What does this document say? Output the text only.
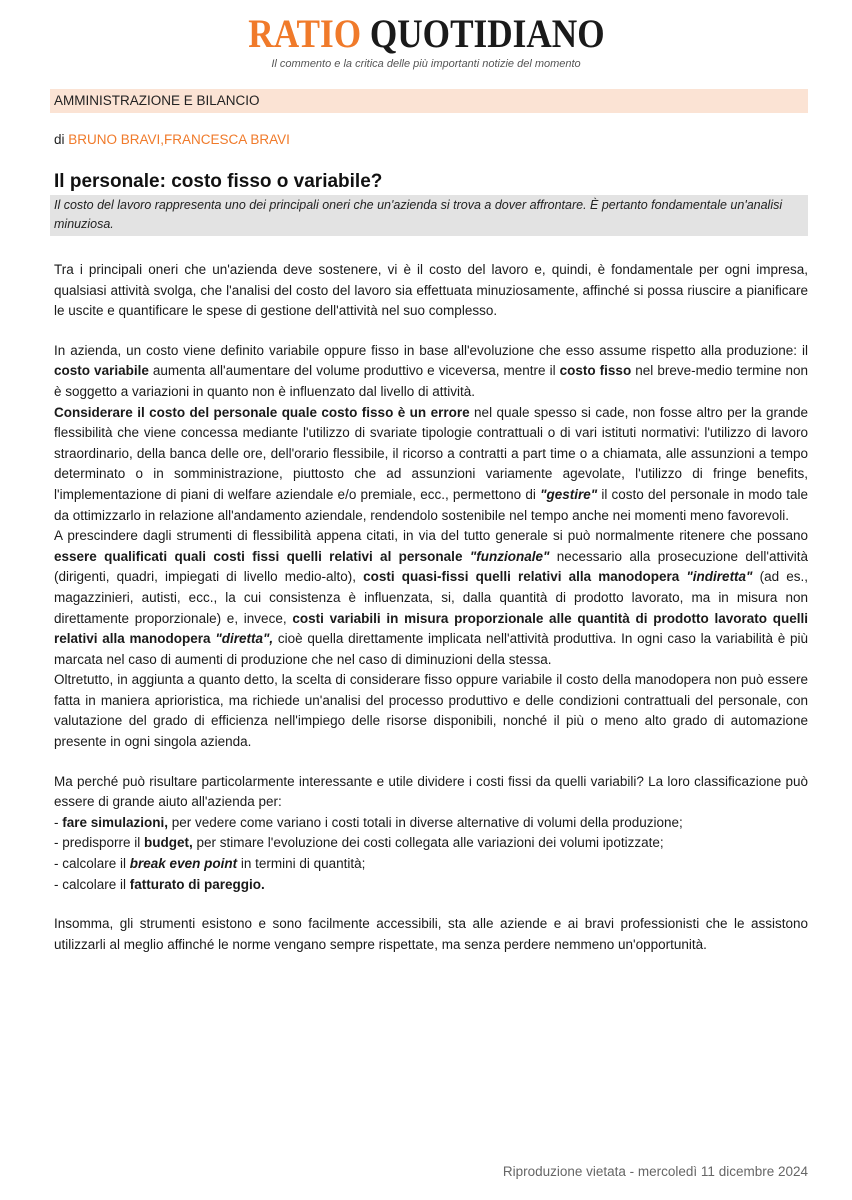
RATIO QUOTIDIANO
Il commento e la critica delle più importanti notizie del momento
AMMINISTRAZIONE E BILANCIO
di BRUNO BRAVI,FRANCESCA BRAVI
Il personale: costo fisso o variabile?
Il costo del lavoro rappresenta uno dei principali oneri che un'azienda si trova a dover affrontare. È pertanto fondamentale un'analisi minuziosa.

Tra i principali oneri che un'azienda deve sostenere, vi è il costo del lavoro e, quindi, è fondamentale per ogni impresa, qualsiasi attività svolga, che l'analisi del costo del lavoro sia effettuata minuziosamente, affinché si possa riuscire a pianificare le uscite e quantificare le spese di gestione dell'attività nel suo complesso.

In azienda, un costo viene definito variabile oppure fisso in base all'evoluzione che esso assume rispetto alla produzione: il costo variabile aumenta all'aumentare del volume produttivo e viceversa, mentre il costo fisso nel breve-medio termine non è soggetto a variazioni in quanto non è influenzato dal livello di attività.

Considerare il costo del personale quale costo fisso è un errore nel quale spesso si cade, non fosse altro per la grande flessibilità che viene concessa mediante l'utilizzo di svariate tipologie contrattuali o di vari istituti normativi: l'utilizzo di lavoro straordinario, della banca delle ore, dell'orario flessibile, il ricorso a contratti a part time o a chiamata, alle assunzioni a tempo determinato o in somministrazione, piuttosto che ad assunzioni variamente agevolate, l'utilizzo di fringe benefits, l'implementazione di piani di welfare aziendale e/o premiale, ecc., permettono di "gestire" il costo del personale in modo tale da ottimizzarlo in relazione all'andamento aziendale, rendendolo sostenibile nel tempo anche nei momenti meno favorevoli.

A prescindere dagli strumenti di flessibilità appena citati, in via del tutto generale si può normalmente ritenere che possano essere qualificati quali costi fissi quelli relativi al personale "funzionale" necessario alla prosecuzione dell'attività (dirigenti, quadri, impiegati di livello medio-alto), costi quasi-fissi quelli relativi alla manodopera "indiretta" (ad es., magazzinieri, autisti, ecc., la cui consistenza è influenzata, si, dalla quantità di prodotto lavorato, ma in misura non direttamente proporzionale) e, invece, costi variabili in misura proporzionale alle quantità di prodotto lavorato quelli relativi alla manodopera "diretta", cioè quella direttamente implicata nell'attività produttiva. In ogni caso la variabilità è più marcata nel caso di aumenti di produzione che nel caso di diminuzioni della stessa.

Oltretutto, in aggiunta a quanto detto, la scelta di considerare fisso oppure variabile il costo della manodopera non può essere fatta in maniera aprioristica, ma richiede un'analisi del processo produttivo e delle condizioni contrattuali del personale, con valutazione del grado di efficienza nell'impiego delle risorse disponibili, nonché il più o meno alto grado di automazione presente in ogni singola azienda.

Ma perché può risultare particolarmente interessante e utile dividere i costi fissi da quelli variabili? La loro classificazione può essere di grande aiuto all'azienda per:

- fare simulazioni, per vedere come variano i costi totali in diverse alternative di volumi della produzione;

- predisporre il budget, per stimare l'evoluzione dei costi collegata alle variazioni dei volumi ipotizzate;

- calcolare il break even point in termini di quantità;

- calcolare il fatturato di pareggio.

Insomma, gli strumenti esistono e sono facilmente accessibili, sta alle aziende e ai bravi professionisti che le assistono utilizzarli al meglio affinché le norme vengano sempre rispettate, ma senza perdere nemmeno un'opportunità.

Riproduzione vietata - mercoledì 11 dicembre 2024
